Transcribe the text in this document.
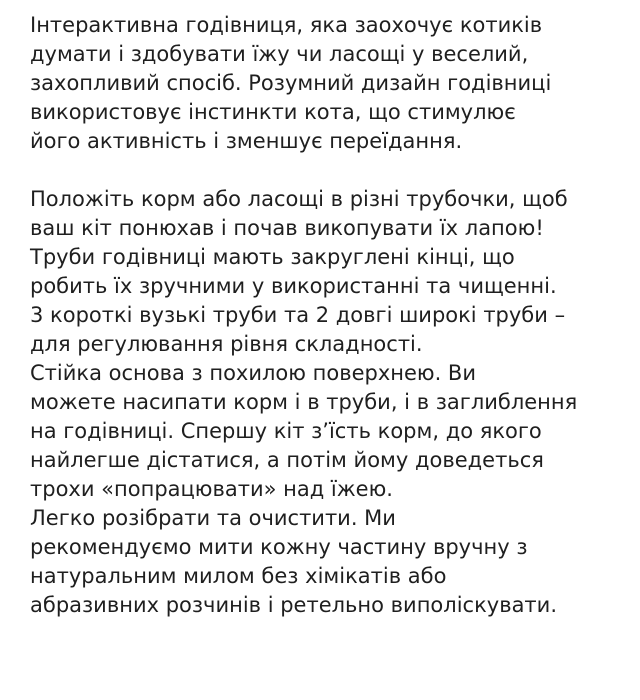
Інтерактивна годівниця, яка заохочує котиків
думати і здобувати їжу чи ласощі у веселий,
захопливий спосіб. Розумний дизайн годівниці
використовує інстинкти кота, що стимулює
його активність і зменшує переїдання.
Положіть корм або ласощі в різні трубочки, щоб
ваш кіт понюхав і почав викопувати їх лапою!
Труби годівниці мають закруглені кінці, що
робить їх зручними у використанні та чищенні.
3 короткі вузькі труби та 2 довгі широкі труби –
для регулювання рівня складності.
Стійка основа з похилою поверхнею. Ви
можете насипати корм і в труби, і в заглиблення
на годівниці. Спершу кіт з’їсть корм, до якого
найлегше дістатися, а потім йому доведеться
трохи «попрацювати» над їжею.
Легко розібрати та очистити. Ми
рекомендуємо мити кожну частину вручну з
натуральним милом без хімікатів або
абразивних розчинів і ретельно виполіскувати.
